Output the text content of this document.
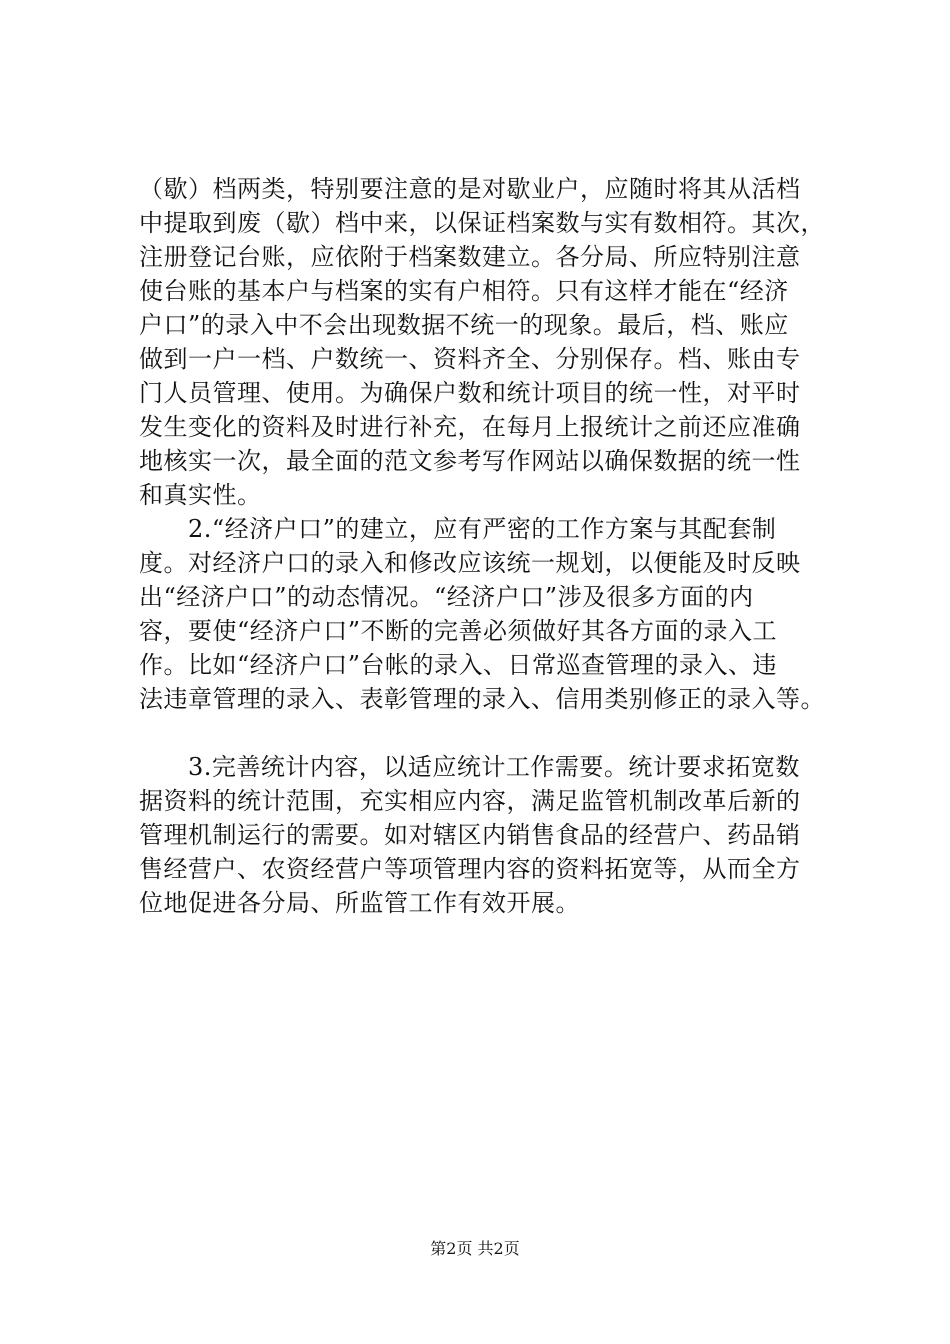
（歇）档两类，特别要注意的是对歇业户，应随时将其从活档
中提取到废（歇）档中来，以保证档案数与实有数相符。其次，
注册登记台账，应依附于档案数建立。各分局、所应特别注意
使台账的基本户与档案的实有户相符。只有这样才能在“经济
户口”的录入中不会出现数据不统一的现象。最后，档、账应
做到一户一档、户数统一、资料齐全、分别保存。档、账由专
门人员管理、使用。为确保户数和统计项目的统一性，对平时
发生变化的资料及时进行补充，在每月上报统计之前还应准确
地核实一次，最全面的范文参考写作网站以确保数据的统一性
和真实性。
　　2.“经济户口”的建立，应有严密的工作方案与其配套制
度。对经济户口的录入和修改应该统一规划，以便能及时反映
出“经济户口”的动态情况。“经济户口”涉及很多方面的内
容，要使“经济户口”不断的完善必须做好其各方面的录入工
作。比如“经济户口”台帐的录入、日常巡查管理的录入、违
法违章管理的录入、表彰管理的录入、信用类别修正的录入等。
　　3.完善统计内容，以适应统计工作需要。统计要求拓宽数
据资料的统计范围，充实相应内容，满足监管机制改革后新的
管理机制运行的需要。如对辖区内销售食品的经营户、药品销
售经营户、农资经营户等项管理内容的资料拓宽等，从而全方
位地促进各分局、所监管工作有效开展。
第2页 共2页
